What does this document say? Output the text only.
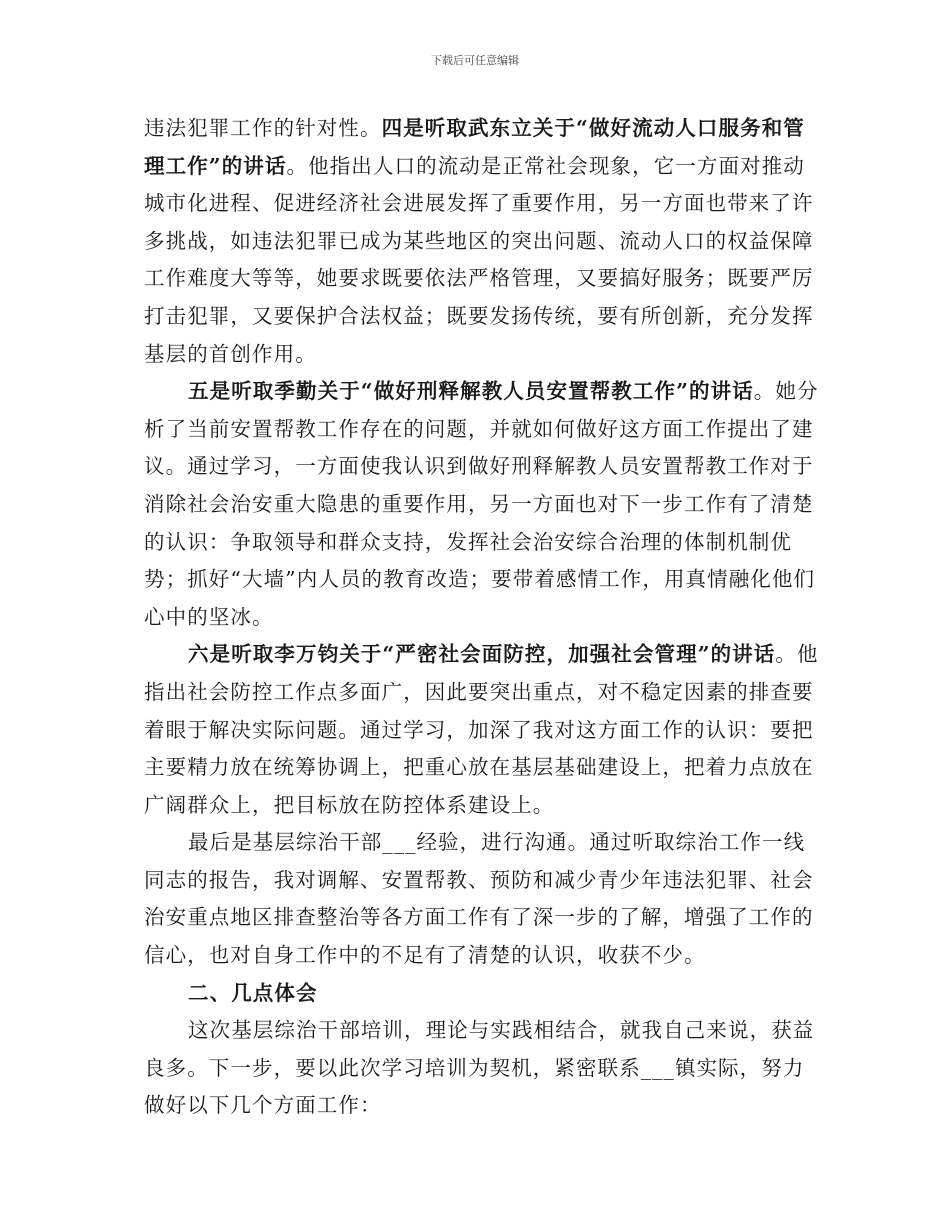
下载后可任意编辑

违法犯罪工作的针对性。四是听取武东立关于“做好流动人口服务和管理工作”的讲话。他指出人口的流动是正常社会现象，它一方面对推动城市化进程、促进经济社会进展发挥了重要作用，另一方面也带来了许多挑战，如违法犯罪已成为某些地区的突出问题、流动人口的权益保障工作难度大等等，她要求既要依法严格管理，又要搞好服务；既要严厉打击犯罪，又要保护合法权益；既要发扬传统，要有所创新，充分发挥基层的首创作用。

五是听取季勤关于“做好刑释解教人员安置帮教工作”的讲话。她分析了当前安置帮教工作存在的问题，并就如何做好这方面工作提出了建议。通过学习，一方面使我认识到做好刑释解教人员安置帮教工作对于消除社会治安重大隐患的重要作用，另一方面也对下一步工作有了清楚的认识：争取领导和群众支持，发挥社会治安综合治理的体制机制优势；抓好“大墙”内人员的教育改造；要带着感情工作，用真情融化他们心中的坚冰。

六是听取李万钧关于“严密社会面防控，加强社会管理”的讲话。他指出社会防控工作点多面广，因此要突出重点，对不稳定因素的排查要着眼于解决实际问题。通过学习，加深了我对这方面工作的认识：要把主要精力放在统筹协调上，把重心放在基层基础建设上，把着力点放在广阔群众上，把目标放在防控体系建设上。

最后是基层综治干部___经验，进行沟通。通过听取综治工作一线同志的报告，我对调解、安置帮教、预防和减少青少年违法犯罪、社会治安重点地区排查整治等各方面工作有了深一步的了解，增强了工作的信心，也对自身工作中的不足有了清楚的认识，收获不少。

二、几点体会

这次基层综治干部培训，理论与实践相结合，就我自己来说，获益良多。下一步，要以此次学习培训为契机，紧密联系___镇实际，努力做好以下几个方面工作：
